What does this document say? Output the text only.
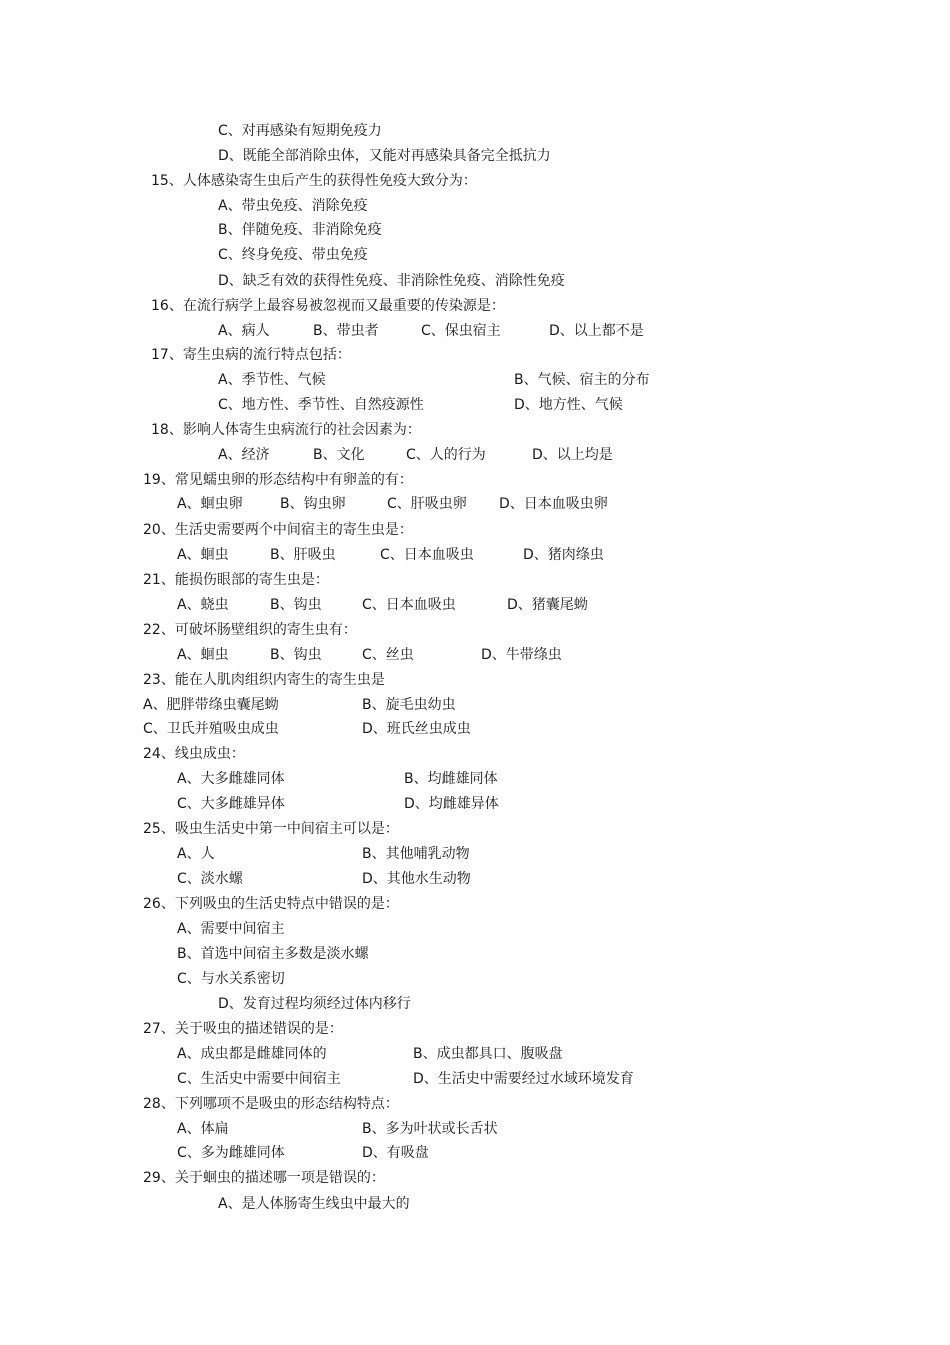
C、对再感染有短期免疫力
D、既能全部消除虫体，又能对再感染具备完全抵抗力
15、人体感染寄生虫后产生的获得性免疫大致分为：
A、带虫免疫、消除免疫
B、伴随免疫、非消除免疫
C、终身免疫、带虫免疫
D、缺乏有效的获得性免疫、非消除性免疫、消除性免疫
16、在流行病学上最容易被忽视而又最重要的传染源是：
A、病人	B、带虫者	C、保虫宿主	D、以上都不是
17、寄生虫病的流行特点包括：
A、季节性、气候	B、气候、宿主的分布
C、地方性、季节性、自然疫源性	D、地方性、气候
18、影响人体寄生虫病流行的社会因素为：
A、经济	B、文化	C、人的行为	D、以上均是
19、常见蠕虫卵的形态结构中有卵盖的有：
A、蛔虫卵	B、钩虫卵	C、肝吸虫卵 D、日本血吸虫卵
20、生活史需要两个中间宿主的寄生虫是：
A、蛔虫	B、肝吸虫	C、日本血吸虫	D、猪肉绦虫
21、能损伤眼部的寄生虫是：
A、蛲虫	B、钩虫	C、日本血吸虫	D、猪囊尾蚴
22、可破坏肠壁组织的寄生虫有：
A、蛔虫	B、钩虫	C、丝虫	D、牛带绦虫
23、能在人肌肉组织内寄生的寄生虫是
A、肥胖带绦虫囊尾蚴	B、旋毛虫幼虫
C、卫氏并殖吸虫成虫	D、班氏丝虫成虫
24、线虫成虫：
A、大多雌雄同体	B、均雌雄同体
C、大多雌雄异体	D、均雌雄异体
25、吸虫生活史中第一中间宿主可以是：
A、人	B、其他哺乳动物
C、淡水螺	D、其他水生动物
26、下列吸虫的生活史特点中错误的是：
A、需要中间宿主
B、首选中间宿主多数是淡水螺
C、与水关系密切
D、发育过程均须经过体内移行
27、关于吸虫的描述错误的是：
A、成虫都是雌雄同体的	B、成虫都具口、腹吸盘
C、生活史中需要中间宿主	D、生活史中需要经过水域环境发育
28、下列哪项不是吸虫的形态结构特点：
A、体扁	B、多为叶状或长舌状
C、多为雌雄同体	D、有吸盘
29、关于蛔虫的描述哪一项是错误的：
A、是人体肠寄生线虫中最大的
